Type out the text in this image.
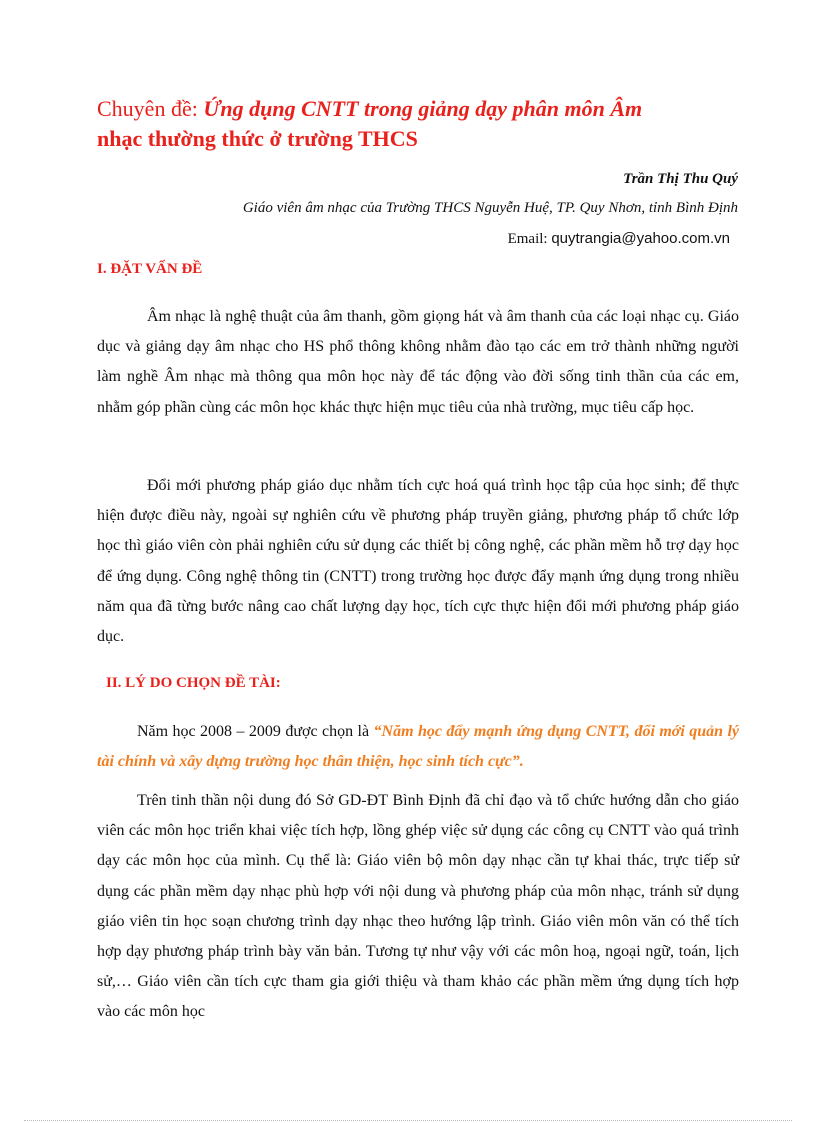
Chuyên đề: Ứng dụng CNTT trong giảng dạy phân môn Âm
nhạc thường thức ở trường THCS
Trần Thị Thu Quý
Giáo viên âm nhạc của Trường THCS Nguyễn Huệ, TP. Quy Nhơn, tỉnh Bình Định
Email: quytrangia@yahoo.com.vn
I. ĐẶT VẤN ĐỀ

Âm nhạc là nghệ thuật của âm thanh, gồm giọng hát và âm thanh của các loại nhạc cụ. Giáo dục và giảng dạy âm nhạc cho HS phổ thông không nhằm đào tạo các em trở thành những người làm nghề Âm nhạc mà thông qua môn học này để tác động vào đời sống tinh thần của các em, nhằm góp phần cùng các môn học khác thực hiện mục tiêu của nhà trường, mục tiêu cấp học.

Đổi mới phương pháp giáo dục nhằm tích cực hoá quá trình học tập của học sinh; để thực hiện được điều này, ngoài sự nghiên cứu về phương pháp truyền giảng, phương pháp tổ chức lớp học thì giáo viên còn phải nghiên cứu sử dụng các thiết bị công nghệ, các phần mềm hỗ trợ dạy học để ứng dụng. Công nghệ thông tin (CNTT) trong trường học được đẩy mạnh ứng dụng trong nhiều năm qua đã từng bước nâng cao chất lượng dạy học, tích cực thực hiện đổi mới phương pháp giáo dục.

II. LÝ DO CHỌN ĐỀ TÀI:

Năm học 2008 – 2009 được chọn là “Năm học đẩy mạnh ứng dụng CNTT, đổi mới quản lý tài chính và xây dựng trường học thân thiện, học sinh tích cực”.

Trên tinh thần nội dung đó Sở GD-ĐT Bình Định đã chỉ đạo và tổ chức hướng dẫn cho giáo viên các môn học triển khai việc tích hợp, lồng ghép việc sử dụng các công cụ CNTT vào quá trình dạy các môn học của mình. Cụ thể là: Giáo viên bộ môn dạy nhạc cần tự khai thác, trực tiếp sử dụng các phần mềm dạy nhạc phù hợp với nội dung và phương pháp của môn nhạc, tránh sử dụng giáo viên tin học soạn chương trình dạy nhạc theo hướng lập trình. Giáo viên môn văn có thể tích hợp dạy phương pháp trình bày văn bản. Tương tự như vậy với các môn hoạ, ngoại ngữ, toán, lịch sử,… Giáo viên cần tích cực tham gia giới thiệu và tham khảo các phần mềm ứng dụng tích hợp vào các môn học
